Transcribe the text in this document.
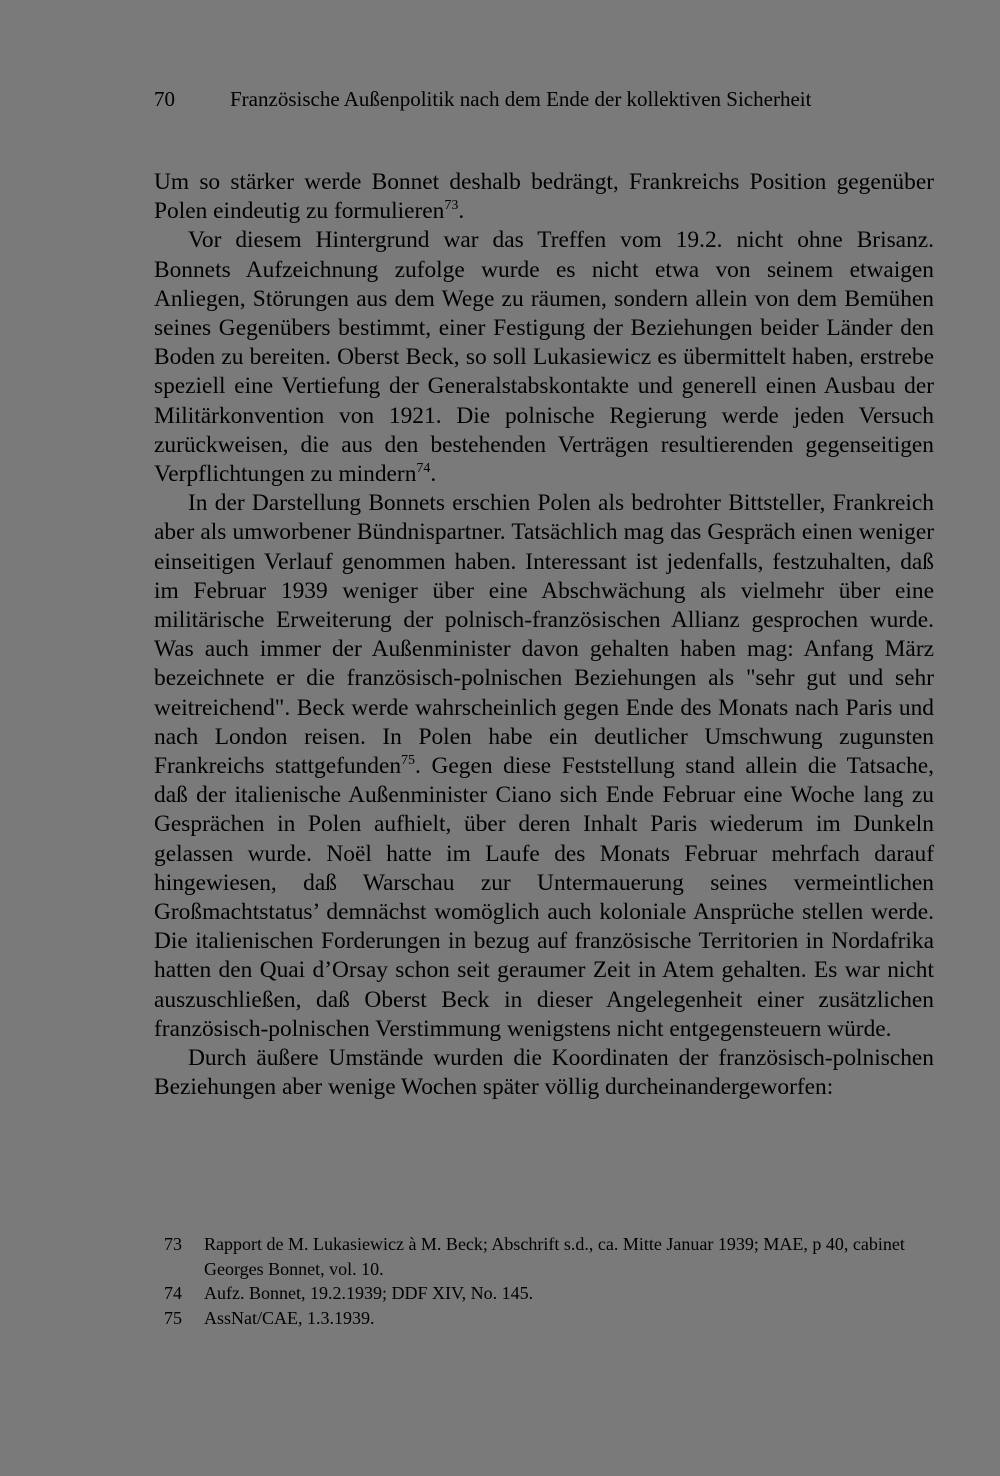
70	Französische Außenpolitik nach dem Ende der kollektiven Sicherheit

Um so stärker werde Bonnet deshalb bedrängt, Frankreichs Position gegenüber Polen eindeutig zu formulieren$^{73}$.

Vor diesem Hintergrund war das Treffen vom 19.2. nicht ohne Brisanz. Bonnets Aufzeichnung zufolge wurde es nicht etwa von seinem etwaigen Anliegen, Störungen aus dem Wege zu räumen, sondern allein von dem Bemühen seines Gegenübers bestimmt, einer Festigung der Beziehungen beider Länder den Boden zu bereiten. Oberst Beck, so soll Lukasiewicz es übermittelt haben, erstrebe speziell eine Vertiefung der Generalstabskontakte und generell einen Ausbau der Militärkonvention von 1921. Die polnische Regierung werde jeden Versuch zurückweisen, die aus den bestehenden Verträgen resultierenden gegenseitigen Verpflichtungen zu mindern$^{74}$.

In der Darstellung Bonnets erschien Polen als bedrohter Bittsteller, Frankreich aber als umworbener Bündnispartner. Tatsächlich mag das Gespräch einen weniger einseitigen Verlauf genommen haben. Interessant ist jedenfalls, festzuhalten, daß im Februar 1939 weniger über eine Abschwächung als vielmehr über eine militärische Erweiterung der polnisch-französischen Allianz gesprochen wurde. Was auch immer der Außenminister davon gehalten haben mag: Anfang März bezeichnete er die französisch-polnischen Beziehungen als "sehr gut und sehr weitreichend". Beck werde wahrscheinlich gegen Ende des Monats nach Paris und nach London reisen. In Polen habe ein deutlicher Umschwung zugunsten Frankreichs stattgefunden$^{75}$. Gegen diese Feststellung stand allein die Tatsache, daß der italienische Außenminister Ciano sich Ende Februar eine Woche lang zu Gesprächen in Polen aufhielt, über deren Inhalt Paris wiederum im Dunkeln gelassen wurde. Noël hatte im Laufe des Monats Februar mehrfach darauf hingewiesen, daß Warschau zur Untermauerung seines vermeintlichen Großmachtstatus’ demnächst womöglich auch koloniale Ansprüche stellen werde. Die italienischen Forderungen in bezug auf französische Territorien in Nordafrika hatten den Quai d’Orsay schon seit geraumer Zeit in Atem gehalten. Es war nicht auszuschließen, daß Oberst Beck in dieser Angelegenheit einer zusätzlichen französisch-polnischen Verstimmung wenigstens nicht entgegensteuern würde.

Durch äußere Umstände wurden die Koordinaten der französisch-polnischen Beziehungen aber wenige Wochen später völlig durcheinandergeworfen:

73	Rapport de M. Lukasiewicz à M. Beck; Abschrift s.d., ca. Mitte Januar 1939; MAE, p 40, cabinet Georges Bonnet, vol. 10.
74	Aufz. Bonnet, 19.2.1939; DDF XIV, No. 145.
75	AssNat/CAE, 1.3.1939.
